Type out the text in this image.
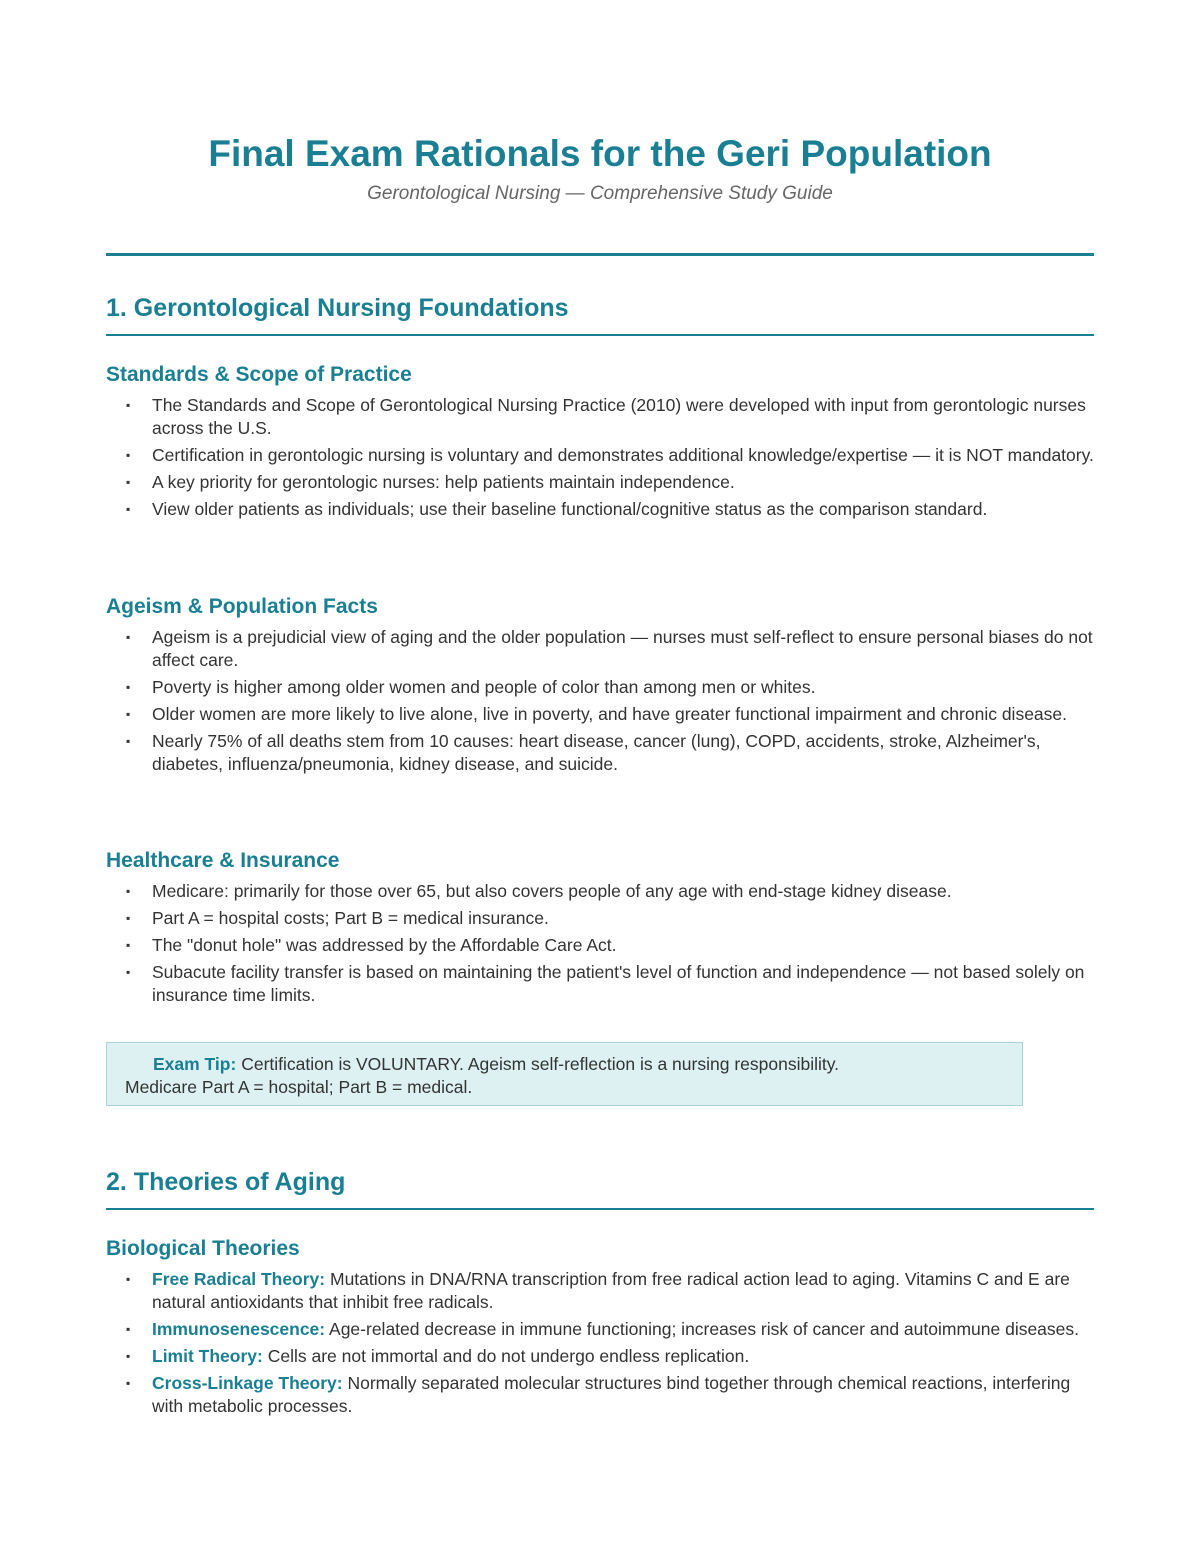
Final Exam Rationals for the Geri Population
Gerontological Nursing — Comprehensive Study Guide
1. Gerontological Nursing Foundations
Standards & Scope of Practice
▪ The Standards and Scope of Gerontological Nursing Practice (2010) were developed with input from gerontologic nurses across the U.S.
▪ Certification in gerontologic nursing is voluntary and demonstrates additional knowledge/expertise — it is NOT mandatory.
▪ A key priority for gerontologic nurses: help patients maintain independence.
▪ View older patients as individuals; use their baseline functional/cognitive status as the comparison standard.
Ageism & Population Facts
▪ Ageism is a prejudicial view of aging and the older population — nurses must self-reflect to ensure personal biases do not affect care.
▪ Poverty is higher among older women and people of color than among men or whites.
▪ Older women are more likely to live alone, live in poverty, and have greater functional impairment and chronic disease.
▪ Nearly 75% of all deaths stem from 10 causes: heart disease, cancer (lung), COPD, accidents, stroke, Alzheimer's, diabetes, influenza/pneumonia, kidney disease, and suicide.
Healthcare & Insurance
▪ Medicare: primarily for those over 65, but also covers people of any age with end-stage kidney disease.
▪ Part A = hospital costs; Part B = medical insurance.
▪ The "donut hole" was addressed by the Affordable Care Act.
▪ Subacute facility transfer is based on maintaining the patient's level of function and independence — not based solely on insurance time limits.
Exam Tip: Certification is VOLUNTARY. Ageism self-reflection is a nursing responsibility.
Medicare Part A = hospital; Part B = medical.
2. Theories of Aging
Biological Theories
▪ Free Radical Theory: Mutations in DNA/RNA transcription from free radical action lead to aging. Vitamins C and E are natural antioxidants that inhibit free radicals.
▪ Immunosenescence: Age-related decrease in immune functioning; increases risk of cancer and autoimmune diseases.
▪ Limit Theory: Cells are not immortal and do not undergo endless replication.
▪ Cross-Linkage Theory: Normally separated molecular structures bind together through chemical reactions, interfering with metabolic processes.
